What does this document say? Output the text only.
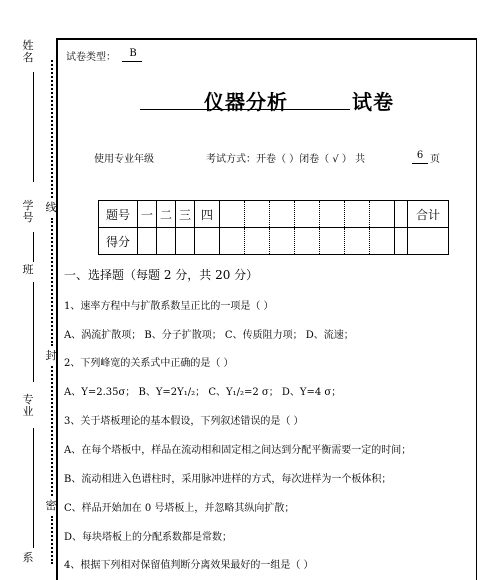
姓名
学号
班
专业
系
线
封
密
试卷类型：	B
仪器分析	试卷
使用专业年级	考试方式：开卷（ ）闭卷（ √ ） 共	6 页
题号	一	二	三	四									合计
得分													
一、选择题（每题 2 分，共 20 分）
1、速率方程中与扩散系数呈正比的一项是（ ）
A、涡流扩散项； B、分子扩散项； C、传质阻力项； D、流速；
2、下列峰宽的关系式中正确的是（ ）
A、Y=2.35σ； B、Y=2Y₁/₂； C、Y₁/₂=2 σ； D、Y=4 σ；
3、关于塔板理论的基本假设，下列叙述错误的是（ ）
A、在每个塔板中，样品在流动相和固定相之间达到分配平衡需要一定的时间；
B、流动相进入色谱柱时，采用脉冲进样的方式，每次进样为一个板体积；
C、样品开始加在 0 号塔板上，并忽略其纵向扩散；
D、每块塔板上的分配系数都是常数；
4、根据下列相对保留值判断分离效果最好的一组是（ ）
